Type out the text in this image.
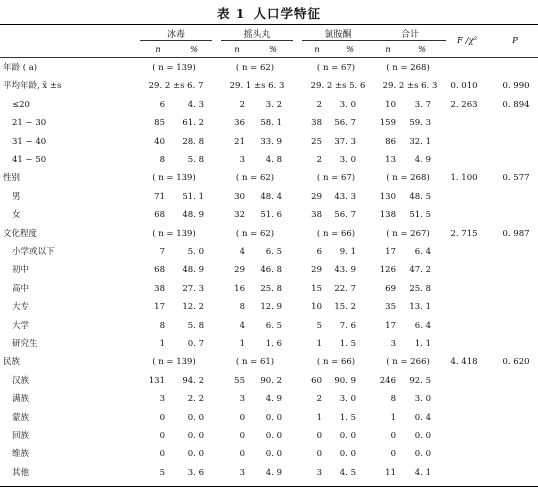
表 1 人口学特征
冰毒	摇头丸	氯胺酮	合计
F /χ²	P
n	%	n	%	n	%	n	%
年龄 ( a)	( n = 139)	( n = 62)	( n = 67)	( n = 268)
平均年龄, x̄ ±s	29. 2 ±s 6. 7	29. 1 ±s 6. 3	29. 2 ±s 5. 6	29. 2 ±s 6. 3	0. 010	0. 990
≤20	6	4. 3	2	3. 2	2	3. 0	10	3. 7	2. 263	0. 894
21 ~ 30	85	61. 2	36	58. 1	38	56. 7	159	59. 3
31 ~ 40	40	28. 8	21	33. 9	25	37. 3	86	32. 1
41 ~ 50	8	5. 8	3	4. 8	2	3. 0	13	4. 9
性别	( n = 139)	( n = 62)	( n = 67)	( n = 268)	1. 100	0. 577
男	71	51. 1	30	48. 4	29	43. 3	130	48. 5
女	68	48. 9	32	51. 6	38	56. 7	138	51. 5
文化程度	( n = 139)	( n = 62)	( n = 66)	( n = 267)	2. 715	0. 987
小学或以下	7	5. 0	4	6. 5	6	9. 1	17	6. 4
初中	68	48. 9	29	46. 8	29	43. 9	126	47. 2
高中	38	27. 3	16	25. 8	15	22. 7	69	25. 8
大专	17	12. 2	8	12. 9	10	15. 2	35	13. 1
大学	8	5. 8	4	6. 5	5	7. 6	17	6. 4
研究生	1	0. 7	1	1. 6	1	1. 5	3	1. 1
民族	( n = 139)	( n = 61)	( n = 66)	( n = 266)	4. 418	0. 620
汉族	131	94. 2	55	90. 2	60	90. 9	246	92. 5
满族	3	2. 2	3	4. 9	2	3. 0	8	3. 0
蒙族	0	0. 0	0	0. 0	1	1. 5	1	0. 4
回族	0	0. 0	0	0. 0	0	0. 0	0	0. 0
维族	0	0. 0	0	0. 0	0	0. 0	0	0. 0
其他	5	3. 6	3	4. 9	3	4. 5	11	4. 1
